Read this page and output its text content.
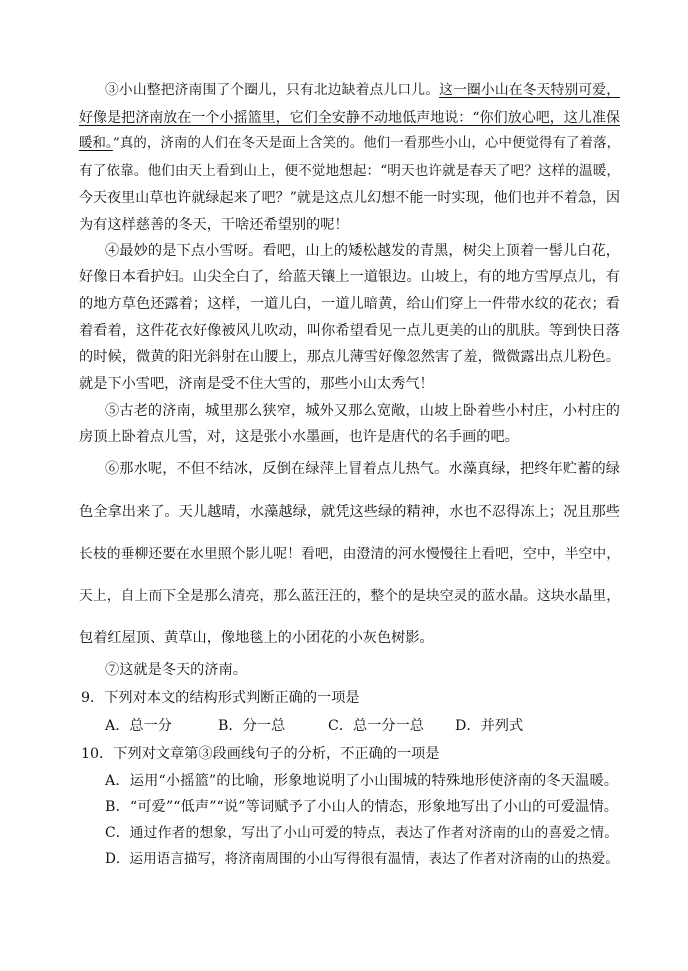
③小山整把济南围了个圈儿，只有北边缺着点儿口儿。这一圈小山在冬天特别可爱，
好像是把济南放在一个小摇篮里，它们全安静不动地低声地说：“你们放心吧，这儿准保
暖和。”真的，济南的人们在冬天是面上含笑的。他们一看那些小山，心中便觉得有了着落，
有了依靠。他们由天上看到山上，便不觉地想起：“明天也许就是春天了吧？这样的温暖，
今天夜里山草也许就绿起来了吧？”就是这点儿幻想不能一时实现，他们也并不着急，因
为有这样慈善的冬天，干啥还希望别的呢！
④最妙的是下点小雪呀。看吧，山上的矮松越发的青黑，树尖上顶着一髻儿白花，
好像日本看护妇。山尖全白了，给蓝天镶上一道银边。山坡上，有的地方雪厚点儿，有
的地方草色还露着；这样，一道儿白，一道儿暗黄，给山们穿上一件带水纹的花衣；看
着看着，这件花衣好像被风儿吹动，叫你希望看见一点儿更美的山的肌肤。等到快日落
的时候，微黄的阳光斜射在山腰上，那点儿薄雪好像忽然害了羞，微微露出点儿粉色。
就是下小雪吧，济南是受不住大雪的，那些小山太秀气！
⑤古老的济南，城里那么狭窄，城外又那么宽敞，山坡上卧着些小村庄，小村庄的
房顶上卧着点儿雪，对，这是张小水墨画，也许是唐代的名手画的吧。
⑥那水呢，不但不结冰，反倒在绿萍上冒着点儿热气。水藻真绿，把终年贮蓄的绿
色全拿出来了。天儿越晴，水藻越绿，就凭这些绿的精神，水也不忍得冻上；况且那些
长枝的垂柳还要在水里照个影儿呢！看吧，由澄清的河水慢慢往上看吧，空中，半空中，
天上，自上而下全是那么清亮，那么蓝汪汪的，整个的是块空灵的蓝水晶。这块水晶里，
包着红屋顶、黄草山，像地毯上的小团花的小灰色树影。
⑦这就是冬天的济南。
9．下列对本文的结构形式判断正确的一项是
A．总一分	B．分一总	C．总一分一总 D．并列式
10．下列对文章第③段画线句子的分析，不正确的一项是
A．运用“小摇篮”的比喻，形象地说明了小山围城的特殊地形使济南的冬天温暖。
B．“可爱”“低声”“说”等词赋予了小山人的情态，形象地写出了小山的可爱温情。
C．通过作者的想象，写出了小山可爱的特点，表达了作者对济南的山的喜爱之情。
D．运用语言描写，将济南周围的小山写得很有温情，表达了作者对济南的山的热爱。
